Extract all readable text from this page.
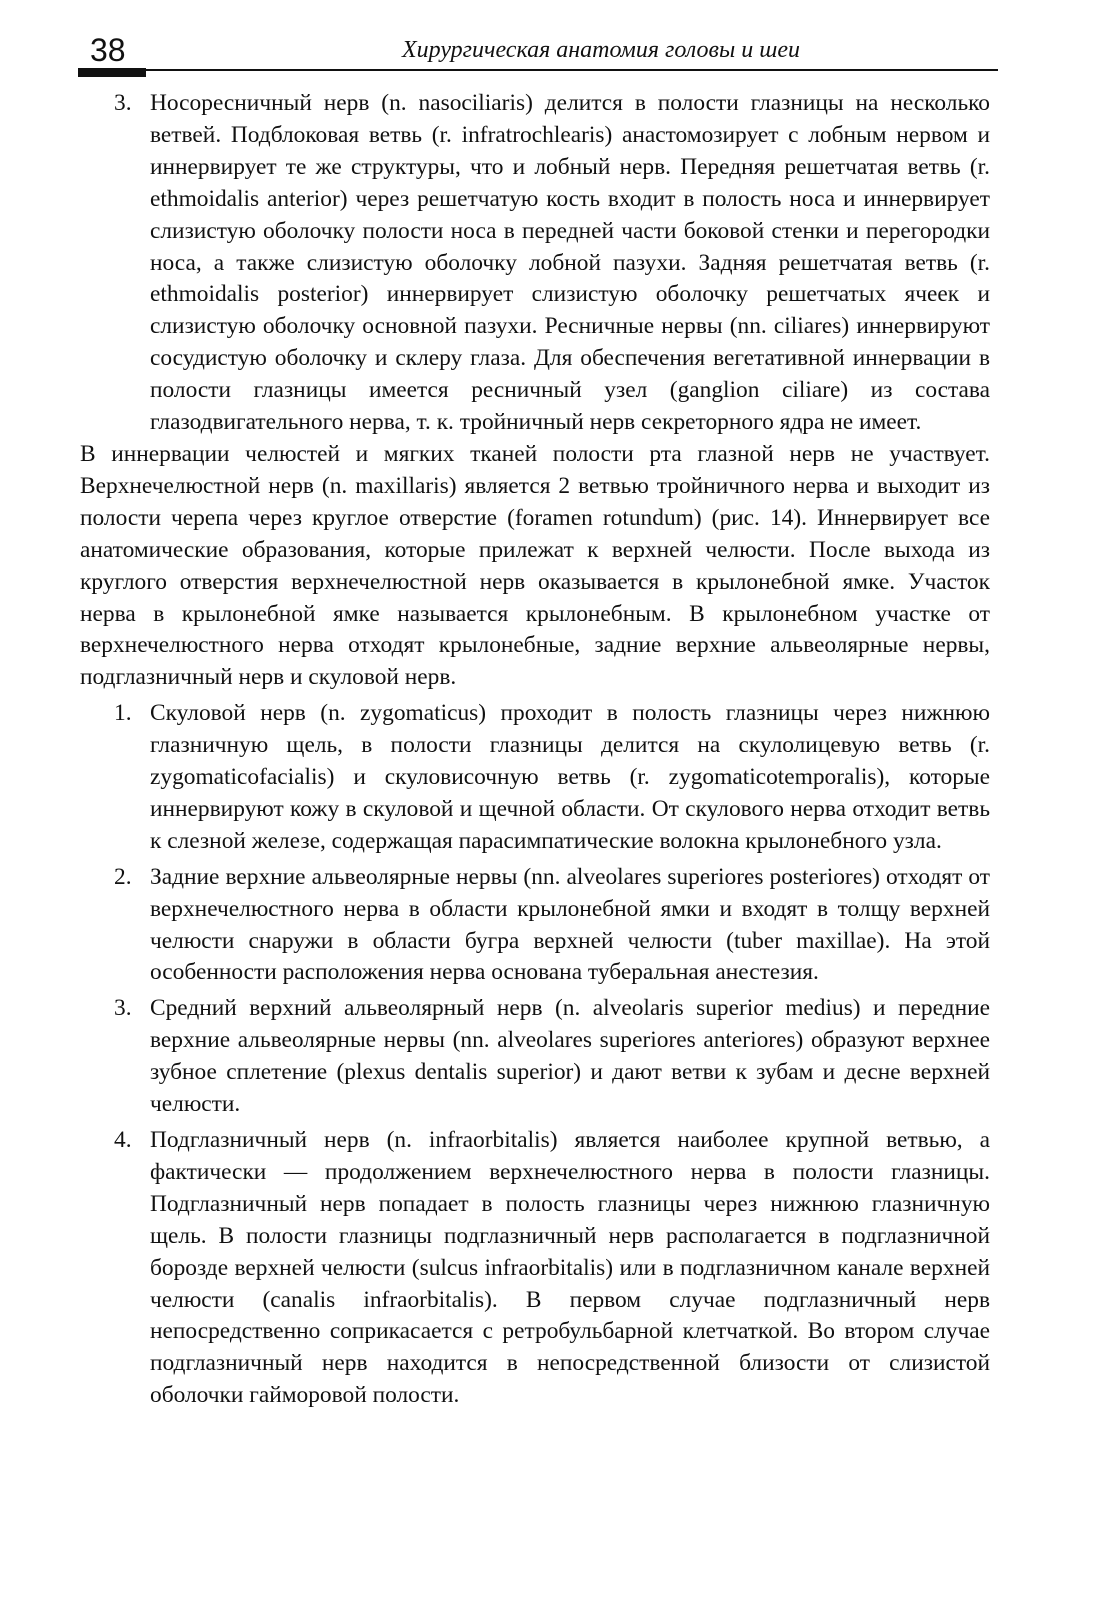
38	Хирургическая анатомия головы и шеи
3. Носоресничный нерв (n. nasociliaris) делится в полости глазницы на несколько ветвей. Подблоковая ветвь (r. infratrochlearis) анастомозирует с лобным нервом и иннервирует те же структуры, что и лобный нерв. Передняя решетчатая ветвь (r. ethmoidalis anterior) через решетчатую кость входит в полость носа и иннервирует слизистую оболочку полости носа в передней части боковой стенки и перегородки носа, а также слизистую оболочку лобной пазухи. Задняя решетчатая ветвь (r. ethmoidalis posterior) иннервирует слизистую оболочку решетчатых ячеек и слизистую оболочку основной пазухи. Ресничные нервы (nn. ciliares) иннервируют сосудистую оболочку и склеру глаза. Для обеспечения вегетативной иннервации в полости глазницы имеется ресничный узел (ganglion ciliare) из состава глазодвигательного нерва, т. к. тройничный нерв секреторного ядра не имеет.

В иннервации челюстей и мягких тканей полости рта глазной нерв не участвует. Верхнечелюстной нерв (n. maxillaris) является 2 ветвью тройничного нерва и выходит из полости черепа через круглое отверстие (foramen rotundum) (рис. 14). Иннервирует все анатомические образования, которые прилежат к верхней челюсти. После выхода из круглого отверстия верхнечелюстной нерв оказывается в крылонебной ямке. Участок нерва в крылонебной ямке называется крылонебным. В крылонебном участке от верхнечелюстного нерва отходят крылонебные, задние верхние альвеолярные нервы, подглазничный нерв и скуловой нерв.

1. Скуловой нерв (n. zygomaticus) проходит в полость глазницы через нижнюю глазничную щель, в полости глазницы делится на скулолицевую ветвь (r. zygomaticofacialis) и скуловисочную ветвь (r. zygomaticotemporalis), которые иннервируют кожу в скуловой и щечной области. От скулового нерва отходит ветвь к слезной железе, содержащая парасимпатические волокна крылонебного узла.
2. Задние верхние альвеолярные нервы (nn. alveolares superiores posteriores) отходят от верхнечелюстного нерва в области крылонебной ямки и входят в толщу верхней челюсти снаружи в области бугра верхней челюсти (tuber maxillae). На этой особенности расположения нерва основана туберальная анестезия.
3. Средний верхний альвеолярный нерв (n. alveolaris superior medius) и передние верхние альвеолярные нервы (nn. alveolares superiores anteriores) образуют верхнее зубное сплетение (plexus dentalis superior) и дают ветви к зубам и десне верхней челюсти.
4. Подглазничный нерв (n. infraorbitalis) является наиболее крупной ветвью, а фактически — продолжением верхнечелюстного нерва в полости глазницы. Подглазничный нерв попадает в полость глазницы через нижнюю глазничную щель. В полости глазницы подглазничный нерв располагается в подглазничной борозде верхней челюсти (sulcus infraorbitalis) или в подглазничном канале верхней челюсти (canalis infraorbitalis). В первом случае подглазничный нерв непосредственно соприкасается с ретробульбарной клетчаткой. Во втором случае подглазничный нерв находится в непосредственной близости от слизистой оболочки гайморовой полости.
